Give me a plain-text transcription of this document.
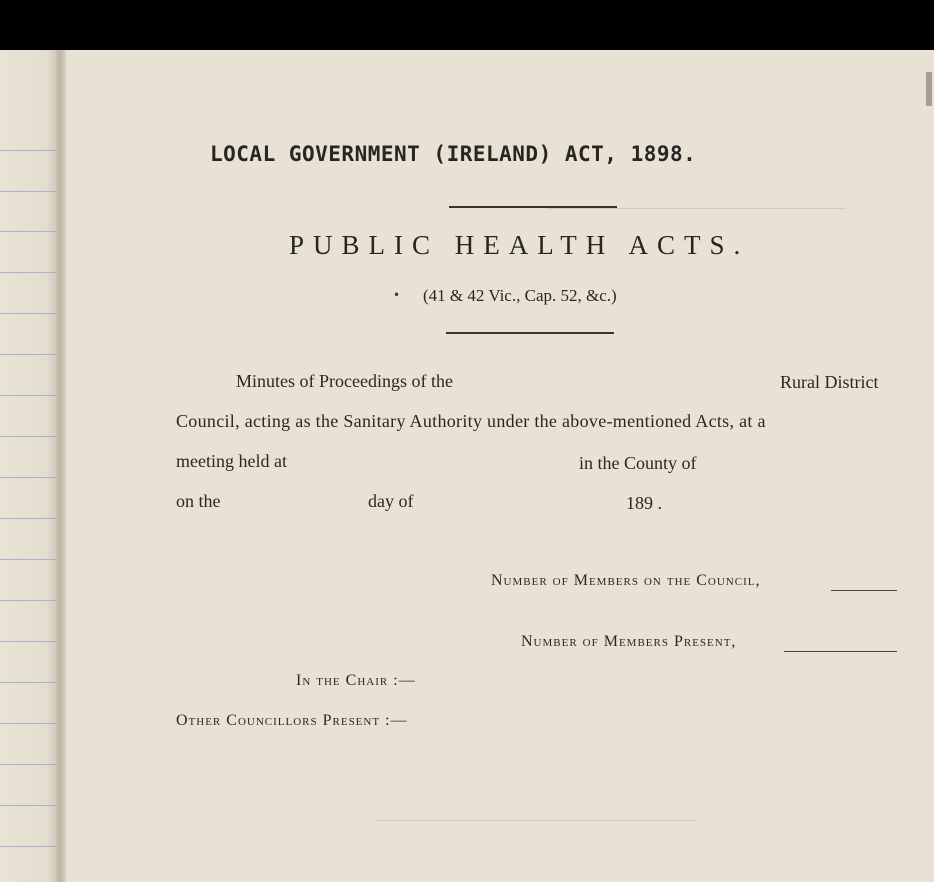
LOCAL GOVERNMENT (IRELAND) ACT, 1898.
PUBLIC HEALTH ACTS.
• (41 & 42 Vic., Cap. 52, &c.)
Minutes of Proceedings of the	Rural District
Council, acting as the Sanitary Authority under the above-mentioned Acts, at a
meeting held at	in the County of
on the	day of	189 .
Number of Members on the Council,
Number of Members Present,
In the Chair :—
Other Councillors Present :—
